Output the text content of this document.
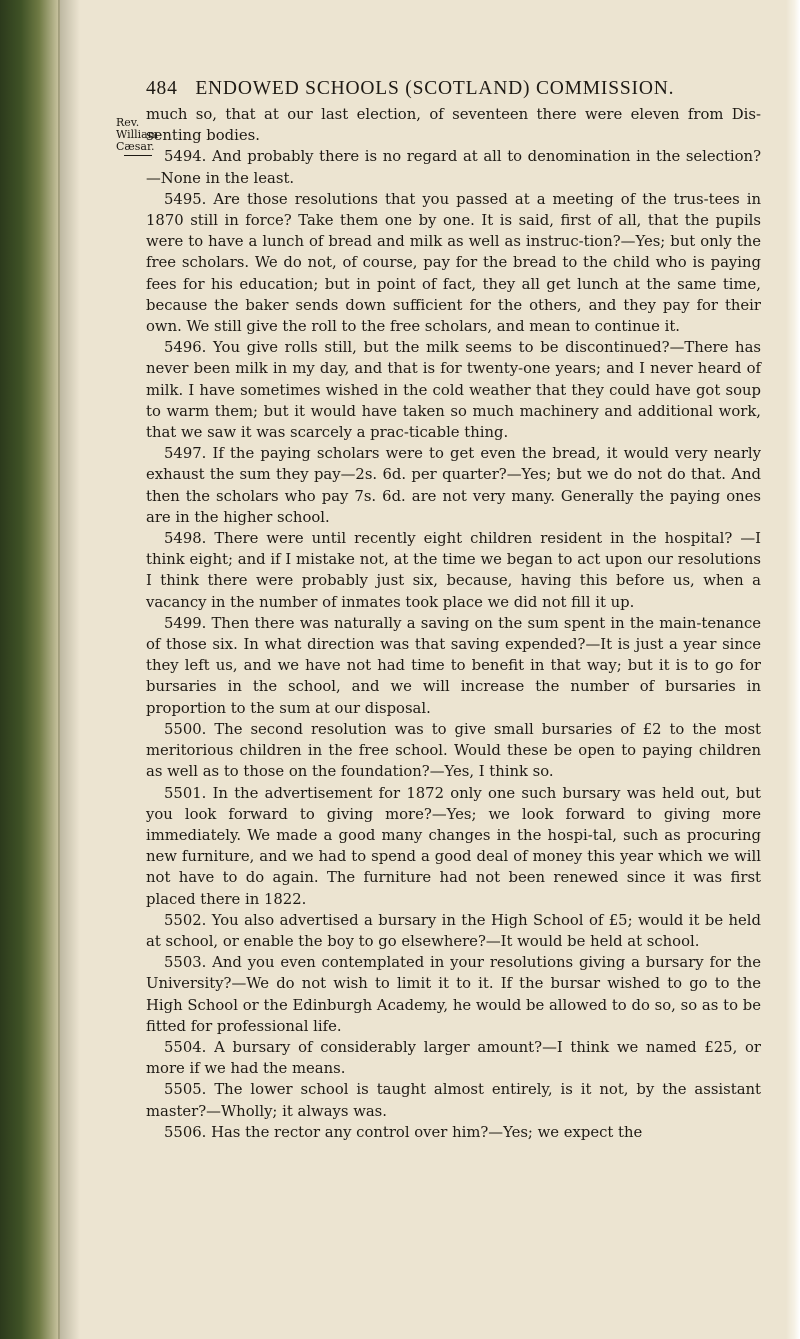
484 ENDOWED SCHOOLS (SCOTLAND) COMMISSION.
Rev.
William
Cæsar.

much so, that at our last election, of seventeen there were eleven from Dis-senting bodies.

5494. And probably there is no regard at all to denomination in the selection?—None in the least.

5495. Are those resolutions that you passed at a meeting of the trus-tees in 1870 still in force? Take them one by one. It is said, first of all, that the pupils were to have a lunch of bread and milk as well as instruc-tion?—Yes; but only the free scholars. We do not, of course, pay for the bread to the child who is paying fees for his education; but in point of fact, they all get lunch at the same time, because the baker sends down sufficient for the others, and they pay for their own. We still give the roll to the free scholars, and mean to continue it.

5496. You give rolls still, but the milk seems to be discontinued?—There has never been milk in my day, and that is for twenty-one years; and I never heard of milk. I have sometimes wished in the cold weather that they could have got soup to warm them; but it would have taken so much machinery and additional work, that we saw it was scarcely a prac-ticable thing.

5497. If the paying scholars were to get even the bread, it would very nearly exhaust the sum they pay—2s. 6d. per quarter?—Yes; but we do not do that. And then the scholars who pay 7s. 6d. are not very many. Generally the paying ones are in the higher school.

5498. There were until recently eight children resident in the hospital? —I think eight; and if I mistake not, at the time we began to act upon our resolutions I think there were probably just six, because, having this before us, when a vacancy in the number of inmates took place we did not fill it up.

5499. Then there was naturally a saving on the sum spent in the main-tenance of those six. In what direction was that saving expended?—It is just a year since they left us, and we have not had time to benefit in that way; but it is to go for bursaries in the school, and we will increase the number of bursaries in proportion to the sum at our disposal.

5500. The second resolution was to give small bursaries of £2 to the most meritorious children in the free school. Would these be open to paying children as well as to those on the foundation?—Yes, I think so.

5501. In the advertisement for 1872 only one such bursary was held out, but you look forward to giving more?—Yes; we look forward to giving more immediately. We made a good many changes in the hospi-tal, such as procuring new furniture, and we had to spend a good deal of money this year which we will not have to do again. The furniture had not been renewed since it was first placed there in 1822.

5502. You also advertised a bursary in the High School of £5; would it be held at school, or enable the boy to go elsewhere?—It would be held at school.

5503. And you even contemplated in your resolutions giving a bursary for the University?—We do not wish to limit it to it. If the bursar wished to go to the High School or the Edinburgh Academy, he would be allowed to do so, so as to be fitted for professional life.

5504. A bursary of considerably larger amount?—I think we named £25, or more if we had the means.

5505. The lower school is taught almost entirely, is it not, by the assistant master?—Wholly; it always was.

5506. Has the rector any control over him?—Yes; we expect the
